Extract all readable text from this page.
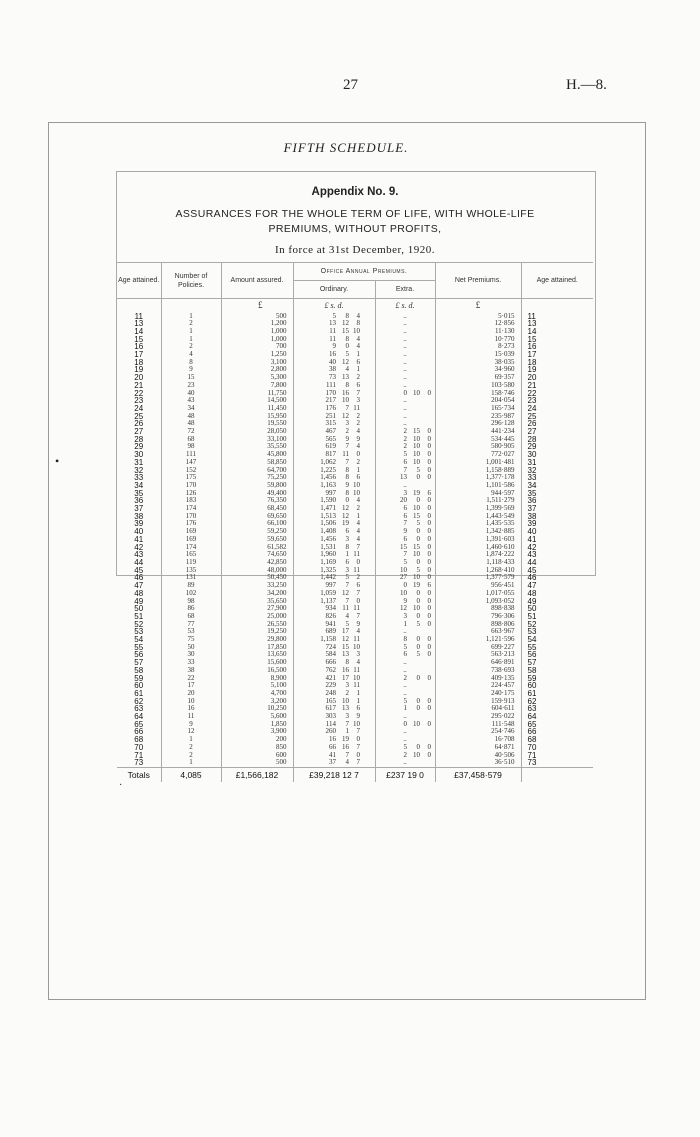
27	H.—8.
FIFTH SCHEDULE.
Appendix No. 9.
ASSURANCES FOR THE WHOLE TERM OF LIFE, WITH WHOLE-LIFE
PREMIUMS, WITHOUT PROFITS,
In force at 31st December, 1920.
•
·
Age attained.	Number of Policies.	Amount assured.	Office Annual Premiums.		Net Premiums.	Age attained.
			Ordinary.	Extra.		
		£	£ s. d.	£ s. d.	£	
11	1	500	5 8 4	..	5·015	11
13	2	1,200	13 12 8	..	12·856	13
14	1	1,000	11 15 10	..	11·130	14
15	1	1,000	11 8 4	..	10·770	15
16	2	700	9 0 4	..	8·273	16
17	4	1,250	16 5 1	..	15·039	17
18	8	3,100	40 12 6	..	38·035	18
19	9	2,800	38 4 1	..	34·960	19
20	15	5,300	73 13 2	..	69·357	20
21	23	7,800	111 8 6	..	103·580	21
22	40	11,750	170 16 7	0 10 0	158·746	22
23	43	14,500	217 10 3	..	204·054	23
24	34	11,450	176 7 11	..	165·734	24
25	48	15,950	251 12 2	..	235·987	25
26	48	19,550	315 3 2	..	296·128	26
27	72	28,050	467 2 4	2 15 0	441·234	27
28	68	33,100	565 9 9	2 10 0	534·445	28
29	98	35,550	619 7 4	2 10 0	580·905	29
30	111	45,800	817 11 0	5 10 0	772·027	30
31	147	58,850	1,062 7 2	6 10 0	1,001·481	31
32	152	64,700	1,225 8 1	7 5 0	1,158·889	32
33	175	75,250	1,456 8 6	13 0 0	1,377·178	33
34	170	59,800	1,163 9 10	..	1,101·586	34
35	126	49,400	997 8 10	3 19 6	944·597	35
36	183	76,350	1,590 0 4	20 0 0	1,511·279	36
37	174	68,450	1,471 12 2	6 10 0	1,399·569	37
38	170	69,650	1,513 12 1	6 15 0	1,443·549	38
39	176	66,100	1,506 19 4	7 5 0	1,435·535	39
40	169	59,250	1,408 6 4	9 0 0	1,342·885	40
41	169	59,650	1,456 3 4	6 0 0	1,391·603	41
42	174	61,582	1,531 8 7	15 15 0	1,460·610	42
43	165	74,650	1,960 1 11	7 10 0	1,874·222	43
44	119	42,850	1,169 6 0	5 0 0	1,118·433	44
45	135	48,000	1,325 3 11	10 5 0	1,268·410	45
46	131	50,450	1,442 5 2	27 10 0	1,377·579	46
47	89	33,250	997 7 6	0 19 6	956·451	47
48	102	34,200	1,059 12 7	10 0 0	1,017·055	48
49	98	35,650	1,137 7 0	9 0 0	1,093·052	49
50	86	27,900	934 11 11	12 10 0	898·838	50
51	68	25,000	826 4 7	3 0 0	796·306	51
52	77	26,550	941 5 9	1 5 0	898·806	52
53	53	19,250	689 17 4	..	663·967	53
54	75	29,800	1,158 12 11	8 0 0	1,121·596	54
55	50	17,850	724 15 10	5 0 0	699·227	55
56	30	13,650	584 13 3	6 5 0	563·213	56
57	33	15,600	666 8 4	..	646·891	57
58	38	16,500	762 16 11	..	738·693	58
59	22	8,900	421 17 10	2 0 0	409·135	59
60	17	5,100	229 3 11	..	224·457	60
61	20	4,700	248 2 1	..	240·175	61
62	10	3,200	165 10 1	5 0 0	159·913	62
63	16	10,250	617 13 6	1 0 0	604·611	63
64	11	5,600	303 3 9	..	295·022	64
65	9	1,850	114 7 10	0 10 0	111·548	65
66	12	3,900	260 1 7	..	254·746	66
68	1	200	16 19 0	..	16·708	68
70	2	850	66 16 7	5 0 0	64·871	70
71	2	600	41 7 0	2 10 0	40·506	71
73	1	500	37 4 7	..	36·510	73
Totals	4,085	£1,566,182	£39,218 12 7	£237 19 0	£37,458·579	
